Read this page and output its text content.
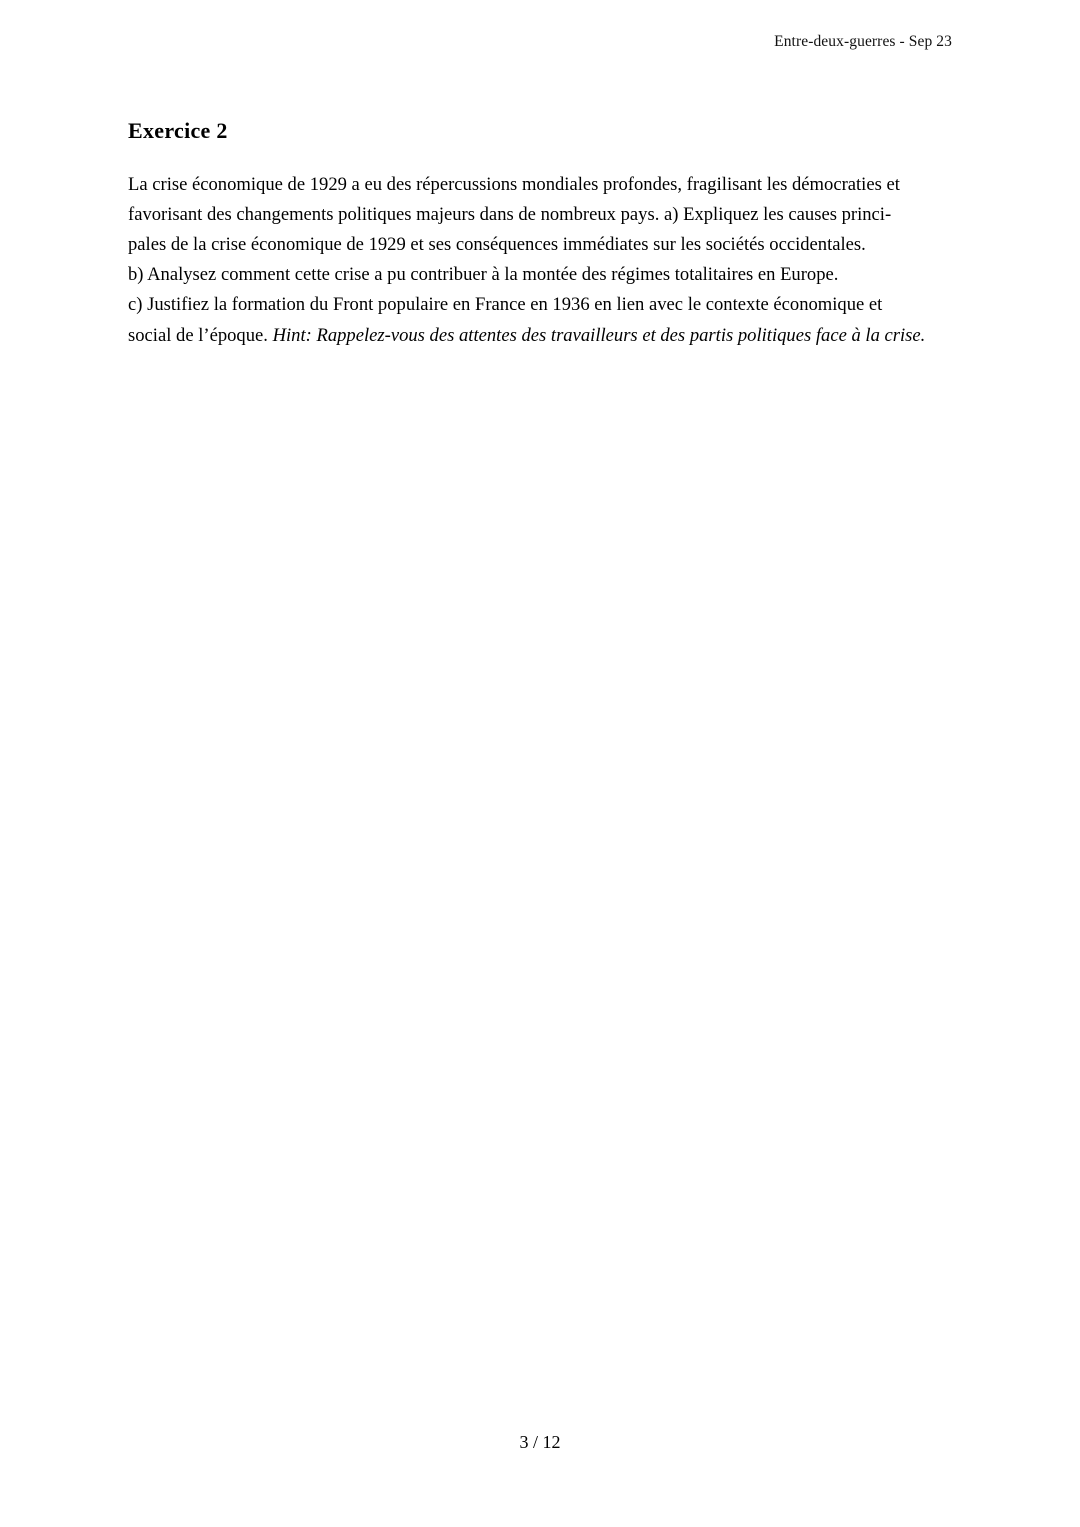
Entre-deux-guerres - Sep 23
Exercice 2

La crise économique de 1929 a eu des répercussions mondiales profondes, fragilisant les démocraties et
favorisant des changements politiques majeurs dans de nombreux pays. a) Expliquez les causes princi-
pales de la crise économique de 1929 et ses conséquences immédiates sur les sociétés occidentales.
b) Analysez comment cette crise a pu contribuer à la montée des régimes totalitaires en Europe.
c) Justifiez la formation du Front populaire en France en 1936 en lien avec le contexte économique et
social de l’époque. Hint: Rappelez-vous des attentes des travailleurs et des partis politiques face à la crise.

3 / 12
